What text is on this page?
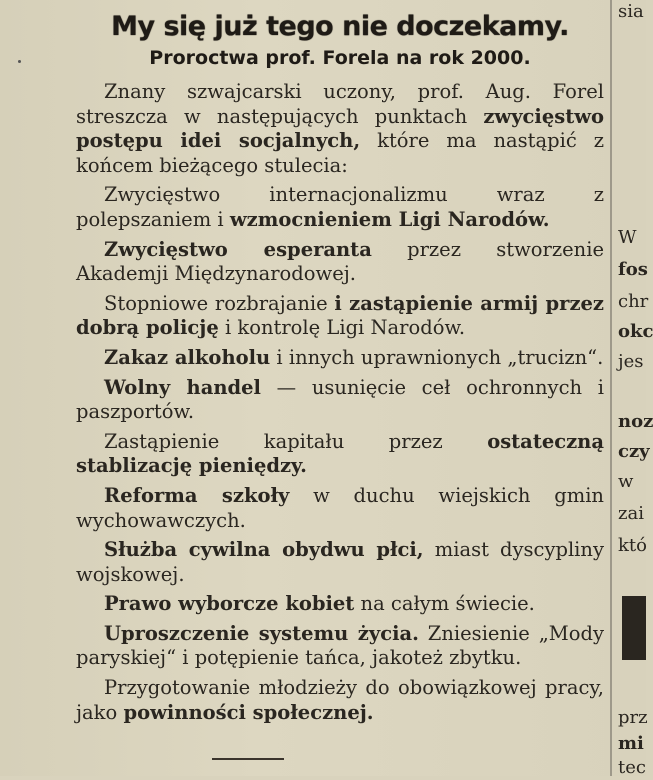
My się już tego nie doczekamy.
Proroctwa prof. Forela na rok 2000.

Znany szwajcarski uczony, prof. Aug. Forel streszcza w następujących punktach zwycięstwo postępu idei socjalnych, które ma nastąpić z końcem bieżącego stulecia:

Zwycięstwo internacjonalizmu wraz z polepszaniem i wzmocnieniem Ligi Narodów.

Zwycięstwo esperanta przez stworzenie Akademji Międzynarodowej.

Stopniowe rozbrajanie i zastąpienie armij przez dobrą policję i kontrolę Ligi Narodów.

Zakaz alkoholu i innych uprawnionych „trucizn“.

Wolny handel — usunięcie ceł ochronnych i paszportów.

Zastąpienie kapitału przez ostateczną stablizację pieniędzy.

Reforma szkoły w duchu wiejskich gmin wychowawczych.

Służba cywilna obydwu płci, miast dyscypliny wojskowej.

Prawo wyborcze kobiet na całym świecie.

Uproszczenie systemu życia. Zniesienie „Mody paryskiej“ i potępienie tańca, jakoteż zbytku.

Przygotowanie młodzieży do obowiązkowej pracy, jako powinności społecznej.

sia
W
fos
chr
okc
jes
noz
czy
w
zai
któ
prz
mi
tec
